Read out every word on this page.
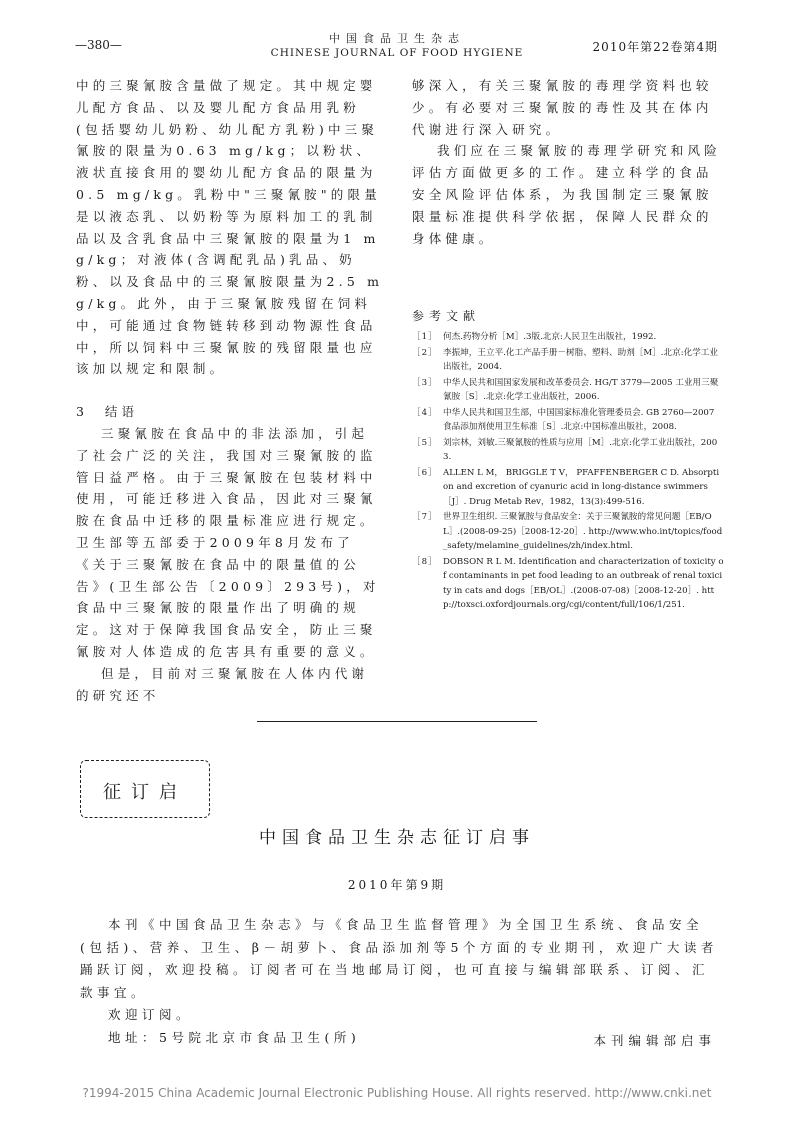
—380—	中国食品卫生杂志
CHINESE JOURNAL OF FOOD HYGIENE	2010年第22卷第4期

中的三聚氰胺含量做了规定。其中规定婴儿配方食品、以及婴儿配方食品用乳粉(包括婴幼儿奶粉、幼儿配方乳粉)中三聚氰胺的限量为0.63 mg/kg；以粉状、液状直接食用的婴幼儿配方食品的限量为0.5 mg/kg。乳粉中"三聚氰胺"的限量是以液态乳、以奶粉等为原料加工的乳制品以及含乳食品中三聚氰胺的限量为1 mg/kg；对液体(含调配乳品)乳品、奶粉、以及食品中的三聚氰胺限量为2.5 mg/kg。此外，由于三聚氰胺残留在饲料中，可能通过食物链转移到动物源性食品中，所以饲料中三聚氰胺的残留限量也应该加以规定和限制。

3　结语

三聚氰胺在食品中的非法添加，引起了社会广泛的关注，我国对三聚氰胺的监管日益严格。由于三聚氰胺在包装材料中使用，可能迁移进入食品，因此对三聚氰胺在食品中迁移的限量标准应进行规定。卫生部等五部委于2009年8月发布了《关于三聚氰胺在食品中的限量值的公告》(卫生部公告〔2009〕293号)，对食品中三聚氰胺的限量作出了明确的规定。这对于保障我国食品安全，防止三聚氰胺对人体造成的危害具有重要的意义。

但是，目前对三聚氰胺在人体内代谢的研究还不

够深入，有关三聚氰胺的毒理学资料也较少。有必要对三聚氰胺的毒性及其在体内代谢进行深入研究。

我们应在三聚氰胺的毒理学研究和风险评估方面做更多的工作。建立科学的食品安全风险评估体系，为我国制定三聚氰胺限量标准提供科学依据，保障人民群众的身体健康。

参考文献
［1］ 何杰.药物分析［M］.3版.北京:人民卫生出版社，1992.
［2］ 李振坤，王立平.化工产品手册－树脂、塑料、助剂［M］.北京:化学工业出版社，2004.
［3］ 中华人民共和国国家发展和改革委员会. HG/T 3779—2005 工业用三聚氰胺［S］.北京:化学工业出版社，2006.
［4］ 中华人民共和国卫生部，中国国家标准化管理委员会. GB 2760—2007 食品添加剂使用卫生标准［S］.北京:中国标准出版社，2008.
［5］ 刘宗林，刘敏.三聚氰胺的性质与应用［M］.北京:化学工业出版社，2003.
［6］ ALLEN L M， BRIGGLE T V， PFAFFENBERGER C D. Absorption and excretion of cyanuric acid in long-distance swimmers［J］. Drug Metab Rev，1982，13(3):499-516.
［7］ 世界卫生组织. 三聚氰胺与食品安全：关于三聚氰胺的常见问题［EB/OL］.(2008-09-25)［2008-12-20］. http://www.who.int/topics/food_safety/melamine_guidelines/zh/index.html.
［8］ DOBSON R L M. Identification and characterization of toxicity of contaminants in pet food leading to an outbreak of renal toxicity in cats and dogs［EB/OL］.(2008-07-08)［2008-12-20］. http://toxsci.oxfordjournals.org/cgi/content/full/106/1/251.
征订启
中国食品卫生杂志征订启事
2010年第9期

本刊《中国食品卫生杂志》与《食品卫生监督管理》为全国卫生系统、食品安全(包括)、营养、卫生、β－胡萝卜、食品添加剂等5个方面的专业期刊，欢迎广大读者踊跃订阅，欢迎投稿。订阅者可在当地邮局订阅，也可直接与编辑部联系、订阅、汇款事宜。

欢迎订阅。

地址：5号院北京市食品卫生(所)	本刊编辑部启事
?1994-2015 China Academic Journal Electronic Publishing House. All rights reserved. http://www.cnki.net
